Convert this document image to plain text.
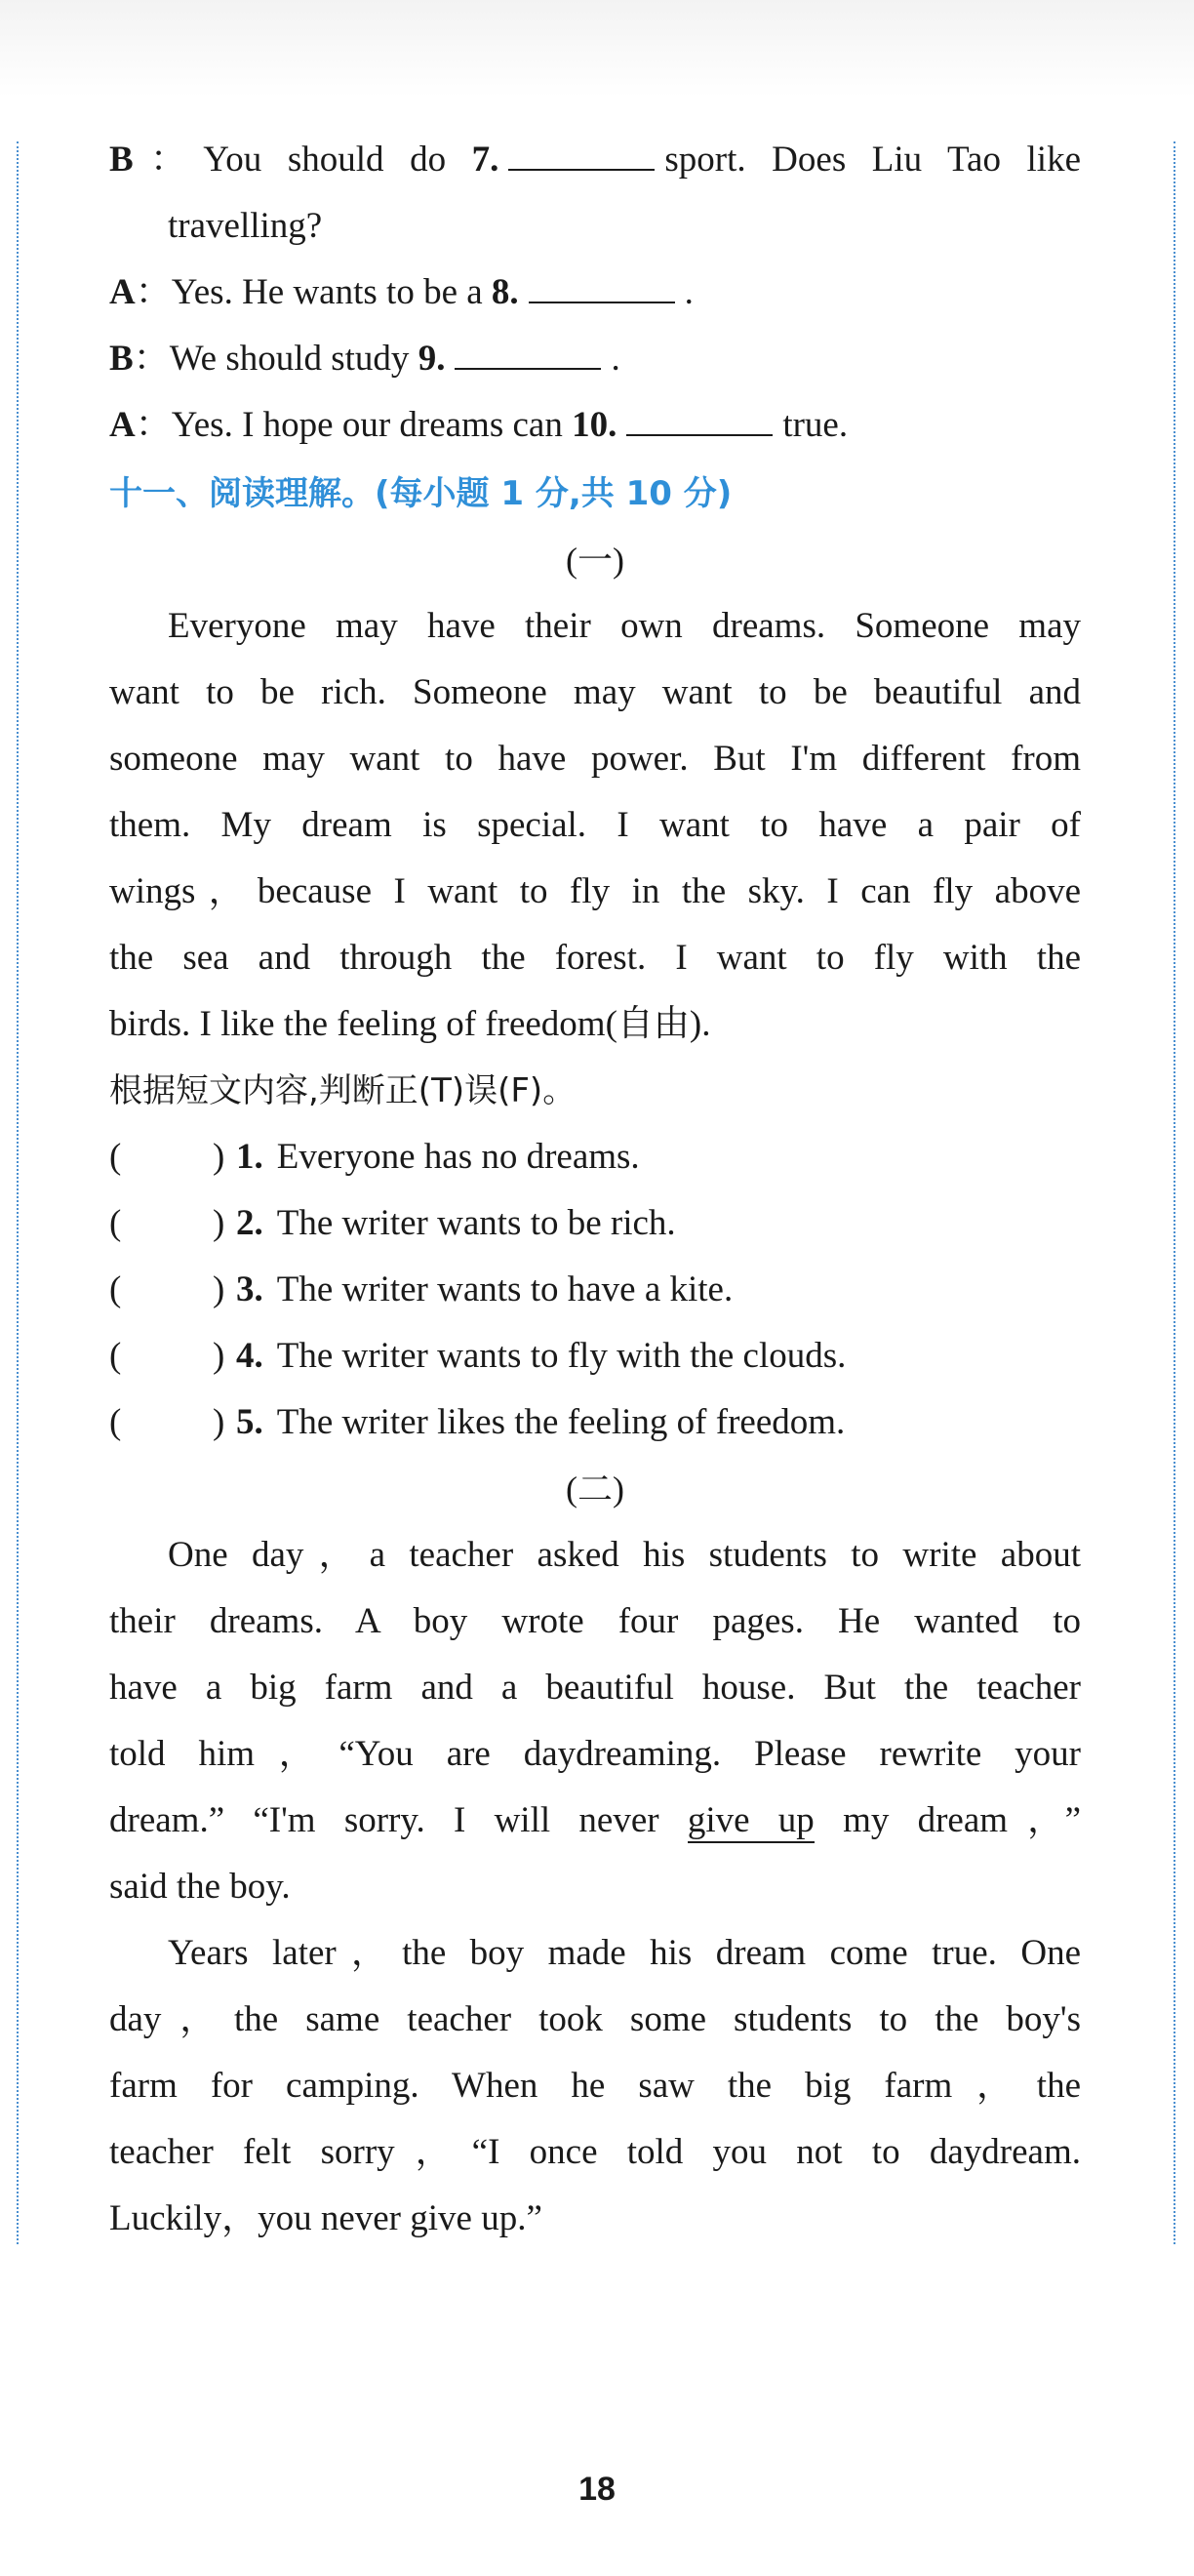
B：You should do 7.	sport. Does Liu Tao like
travelling?
A：Yes. He wants to be a 8.	.
B：We should study 9.	.
A：Yes. I hope our dreams can 10.	true.
十一、阅读理解。(每小题 1 分,共 10 分)
(一)
Everyone may have their own dreams. Someone may
want to be rich. Someone may want to be beautiful and
someone may want to have power. But I'm different from
them. My dream is special. I want to have a pair of
wings，because I want to fly in the sky. I can fly above
the sea and through the forest. I want to fly with the
birds. I like the feeling of freedom(自由).
根据短文内容,判断正(T)误(F)。
(	) 1. Everyone has no dreams.
(	) 2. The writer wants to be rich.
(	) 3. The writer wants to have a kite.
(	) 4. The writer wants to fly with the clouds.
(	) 5. The writer likes the feeling of freedom.
(二)
One day，a teacher asked his students to write about
their dreams. A boy wrote four pages. He wanted to
have a big farm and a beautiful house. But the teacher
told him，“You are daydreaming. Please rewrite your
dream.” “I'm sorry. I will never give up my dream，”
said the boy.
Years later，the boy made his dream come true. One
day，the same teacher took some students to the boy's
farm for camping. When he saw the big farm，the
teacher felt sorry，“I once told you not to daydream.
Luckily，you never give up.”
18
